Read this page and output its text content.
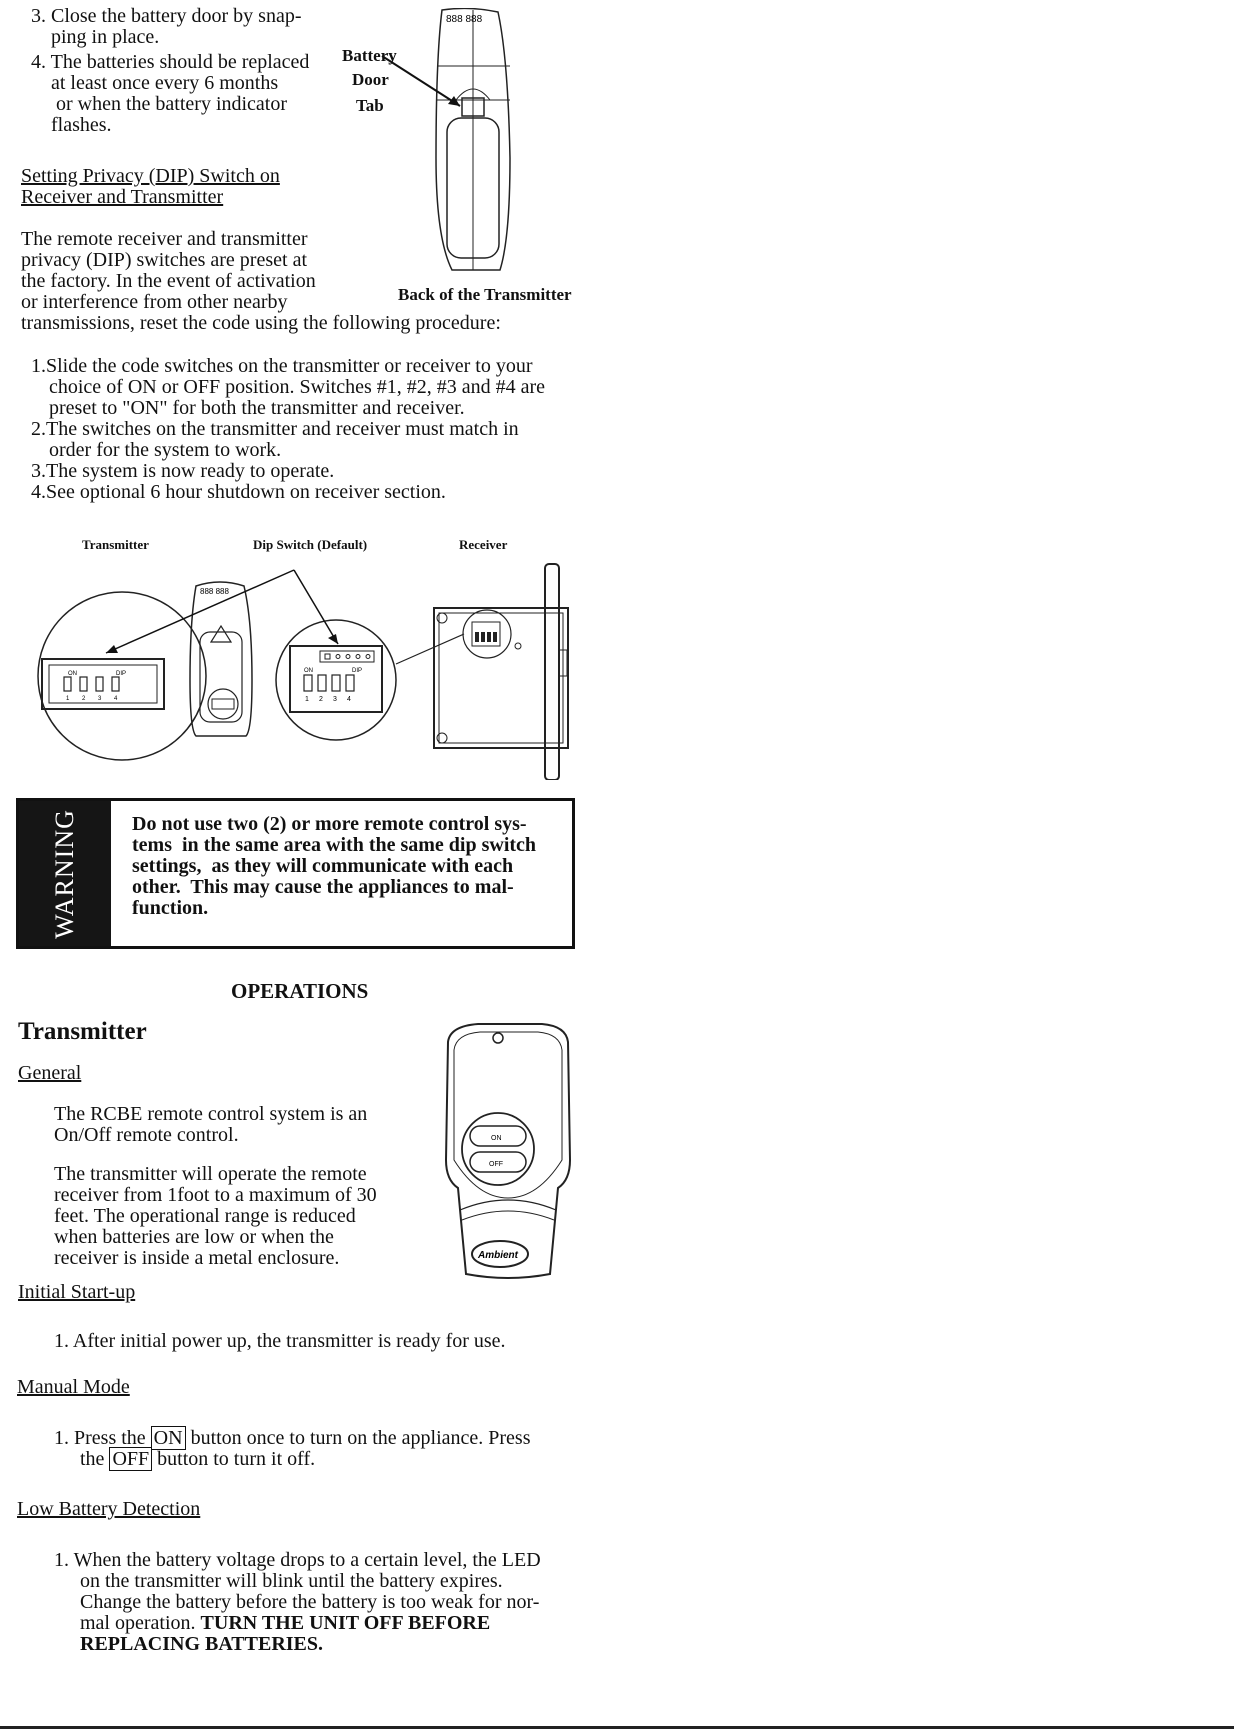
3. Close the battery door by snap-
ping in place.
4. The batteries should be replaced
at least once every 6 months
or when the battery indicator
flashes.
888 888
Battery
Door
Tab
Back of the Transmitter
Setting Privacy (DIP) Switch on
Receiver and Transmitter
The remote receiver and transmitter
privacy (DIP) switches are preset at
the factory. In the event of activation
or interference from other nearby
transmissions, reset the code using the following procedure:
1.Slide the code switches on the transmitter or receiver to your
choice of ON or OFF position. Switches #1, #2, #3 and #4 are
preset to "ON" for both the transmitter and receiver.
2.The switches on the transmitter and receiver must match in
order for the system to work.
3.The system is now ready to operate.
4.See optional 6 hour shutdown on receiver section.
Transmitter	Dip Switch (Default)	Receiver
ON	DIP
1 2 3 4
888 888
ON	DIP
1 2 3 4
WARNING	Do not use two (2) or more remote control sys-
tems  in the same area with the same dip switch
settings,  as they will communicate with each
other.  This may cause the appliances to mal-
function.
OPERATIONS
Transmitter
General
The RCBE remote control system is an
On/Off remote control.
The transmitter will operate the remote
receiver from 1foot to a maximum of 30
feet. The operational range is reduced
when batteries are low or when the
receiver is inside a metal enclosure.
ON
OFF
Ambient
Initial Start-up
1. After initial power up, the transmitter is ready for use.
Manual Mode
1. Press the ON button once to turn on the appliance. Press
the OFF button to turn it off.
Low Battery Detection
1. When the battery voltage drops to a certain level, the LED
on the transmitter will blink until the battery expires.
Change the battery before the battery is too weak for nor-
mal operation. TURN THE UNIT OFF BEFORE
REPLACING BATTERIES.
